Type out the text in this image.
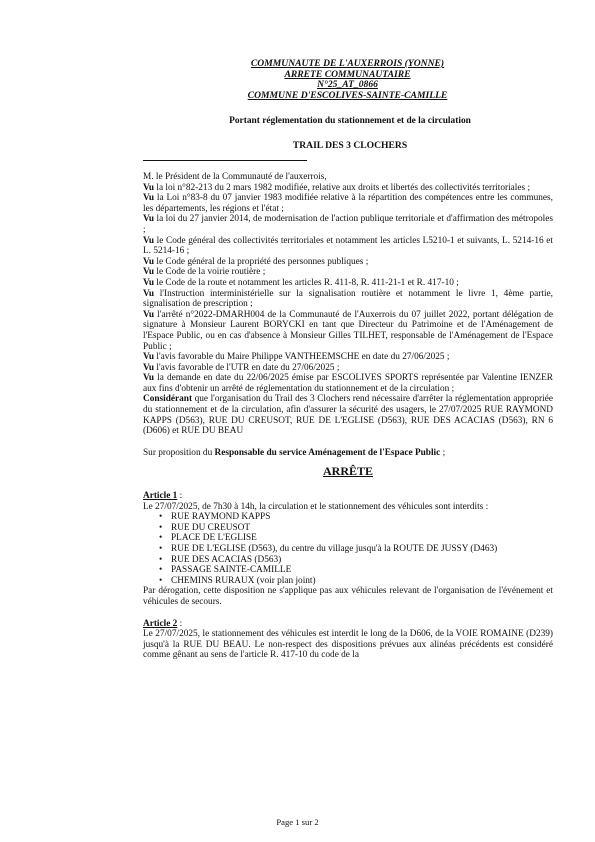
COMMUNAUTE DE L'AUXERROIS (YONNE)
ARRETE COMMUNAUTAIRE
N°25_AT_0866
COMMUNE D'ESCOLIVES-SAINTE-CAMILLE
Portant réglementation du stationnement et de la circulation
TRAIL DES 3 CLOCHERS

M. le Président de la Communauté de l'auxerrois,

Vu la loi n°82-213 du 2 mars 1982 modifiée, relative aux droits et libertés des collectivités territoriales ;

Vu la Loi n°83-8 du 07 janvier 1983 modifiée relative à la répartition des compétences entre les communes, les départements, les régions et l'état ;

Vu la loi du 27 janvier 2014, de modernisation de l'action publique territoriale et d'affirmation des métropoles ;

Vu le Code général des collectivités territoriales et notamment les articles L5210-1 et suivants, L. 5214-16 et L. 5214-16 ;

Vu le Code général de la propriété des personnes publiques ;

Vu le Code de la voirie routière ;

Vu le Code de la route et notamment les articles R. 411-8, R. 411-21-1 et R. 417-10 ;

Vu l'Instruction interministérielle sur la signalisation routière et notamment le livre 1, 4ème partie, signalisation de prescription ;

Vu l'arrêté n°2022-DMARH004 de la Communauté de l'Auxerrois du 07 juillet 2022, portant délégation de signature à Monsieur Laurent BORYCKI en tant que Directeur du Patrimoine et de l'Aménagement de l'Espace Public, ou en cas d'absence à Monsieur Gilles TILHET, responsable de l'Aménagement de l'Espace Public ;

Vu l'avis favorable du Maire Philippe VANTHEEMSCHE en date du 27/06/2025 ;

Vu l'avis favorable de l'UTR en date du 27/06/2025 ;

Vu la demande en date du 22/06/2025 émise par ESCOLIVES SPORTS représentée par Valentine IENZER aux fins d'obtenir un arrêté de réglementation du stationnement et de la circulation ;

Considérant que l'organisation du Trail des 3 Clochers rend nécessaire d'arrêter la réglementation appropriée du stationnement et de la circulation, afin d'assurer la sécurité des usagers, le 27/07/2025 RUE RAYMOND KAPPS (D563), RUE DU CREUSOT, RUE DE L'EGLISE (D563), RUE DES ACACIAS (D563), RN 6 (D606) et RUE DU BEAU

Sur proposition du Responsable du service Aménagement de l'Espace Public ;

ARRÊTE

Article 1 :

Le 27/07/2025, de 7h30 à 14h, la circulation et le stationnement des véhicules sont interdits :

• RUE RAYMOND KAPPS
• RUE DU CREUSOT
• PLACE DE L'EGLISE
• RUE DE L'EGLISE (D563), du centre du village jusqu'à la ROUTE DE JUSSY (D463)
• RUE DES ACACIAS (D563)
• PASSAGE SAINTE-CAMILLE
• CHEMINS RURAUX (voir plan joint)

Par dérogation, cette disposition ne s'applique pas aux véhicules relevant de l'organisation de l'événement et véhicules de secours.

Article 2 :

Le 27/07/2025, le stationnement des véhicules est interdit le long de la D606, de la VOIE ROMAINE (D239) jusqu'à la RUE DU BEAU. Le non-respect des dispositions prévues aux alinéas précédents est considéré comme gênant au sens de l'article R. 417-10 du code de la

Page 1 sur 2
